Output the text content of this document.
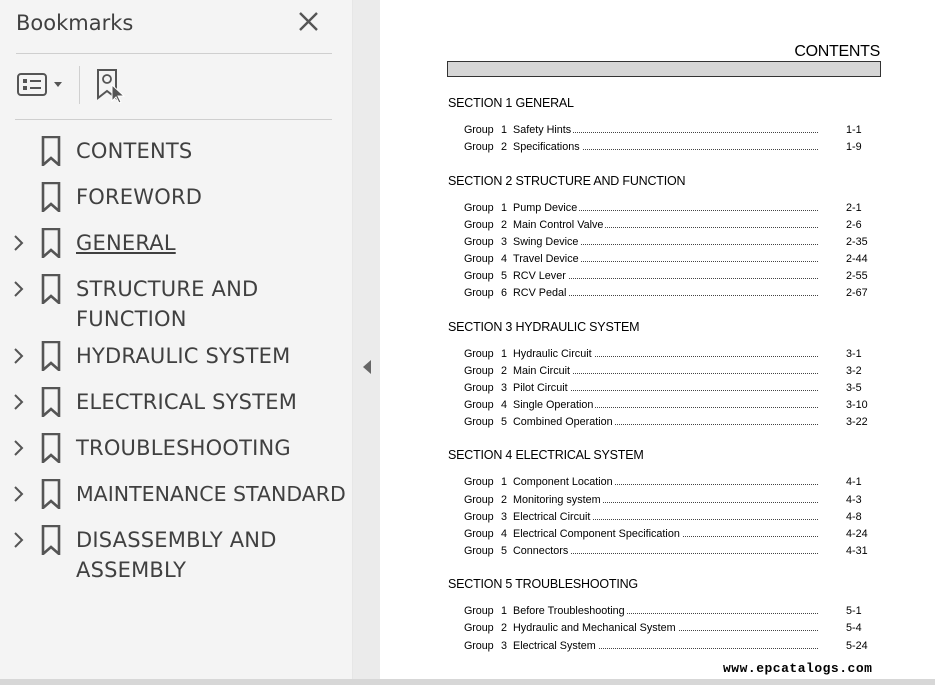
Bookmarks
CONTENTS
FOREWORD
GENERAL
STRUCTURE AND FUNCTION
HYDRAULIC SYSTEM
ELECTRICAL SYSTEM
TROUBLESHOOTING
MAINTENANCE STANDARD
DISASSEMBLY AND ASSEMBLY
CONTENTS
SECTION 1 GENERAL
Group 1 Safety Hints	1-1
Group 2 Specifications	1-9
SECTION 2 STRUCTURE AND FUNCTION
Group 1 Pump Device	2-1
Group 2 Main Control Valve	2-6
Group 3 Swing Device	2-35
Group 4 Travel Device	2-44
Group 5 RCV Lever	2-55
Group 6 RCV Pedal	2-67
SECTION 3 HYDRAULIC SYSTEM
Group 1 Hydraulic Circuit	3-1
Group 2 Main Circuit	3-2
Group 3 Pilot Circuit	3-5
Group 4 Single Operation	3-10
Group 5 Combined Operation	3-22
SECTION 4 ELECTRICAL SYSTEM
Group 1 Component Location	4-1
Group 2 Monitoring system	4-3
Group 3 Electrical Circuit	4-8
Group 4 Electrical Component Specification	4-24
Group 5 Connectors	4-31
SECTION 5 TROUBLESHOOTING
Group 1 Before Troubleshooting	5-1
Group 2 Hydraulic and Mechanical System	5-4
Group 3 Electrical System	5-24
www.epcatalogs.com
